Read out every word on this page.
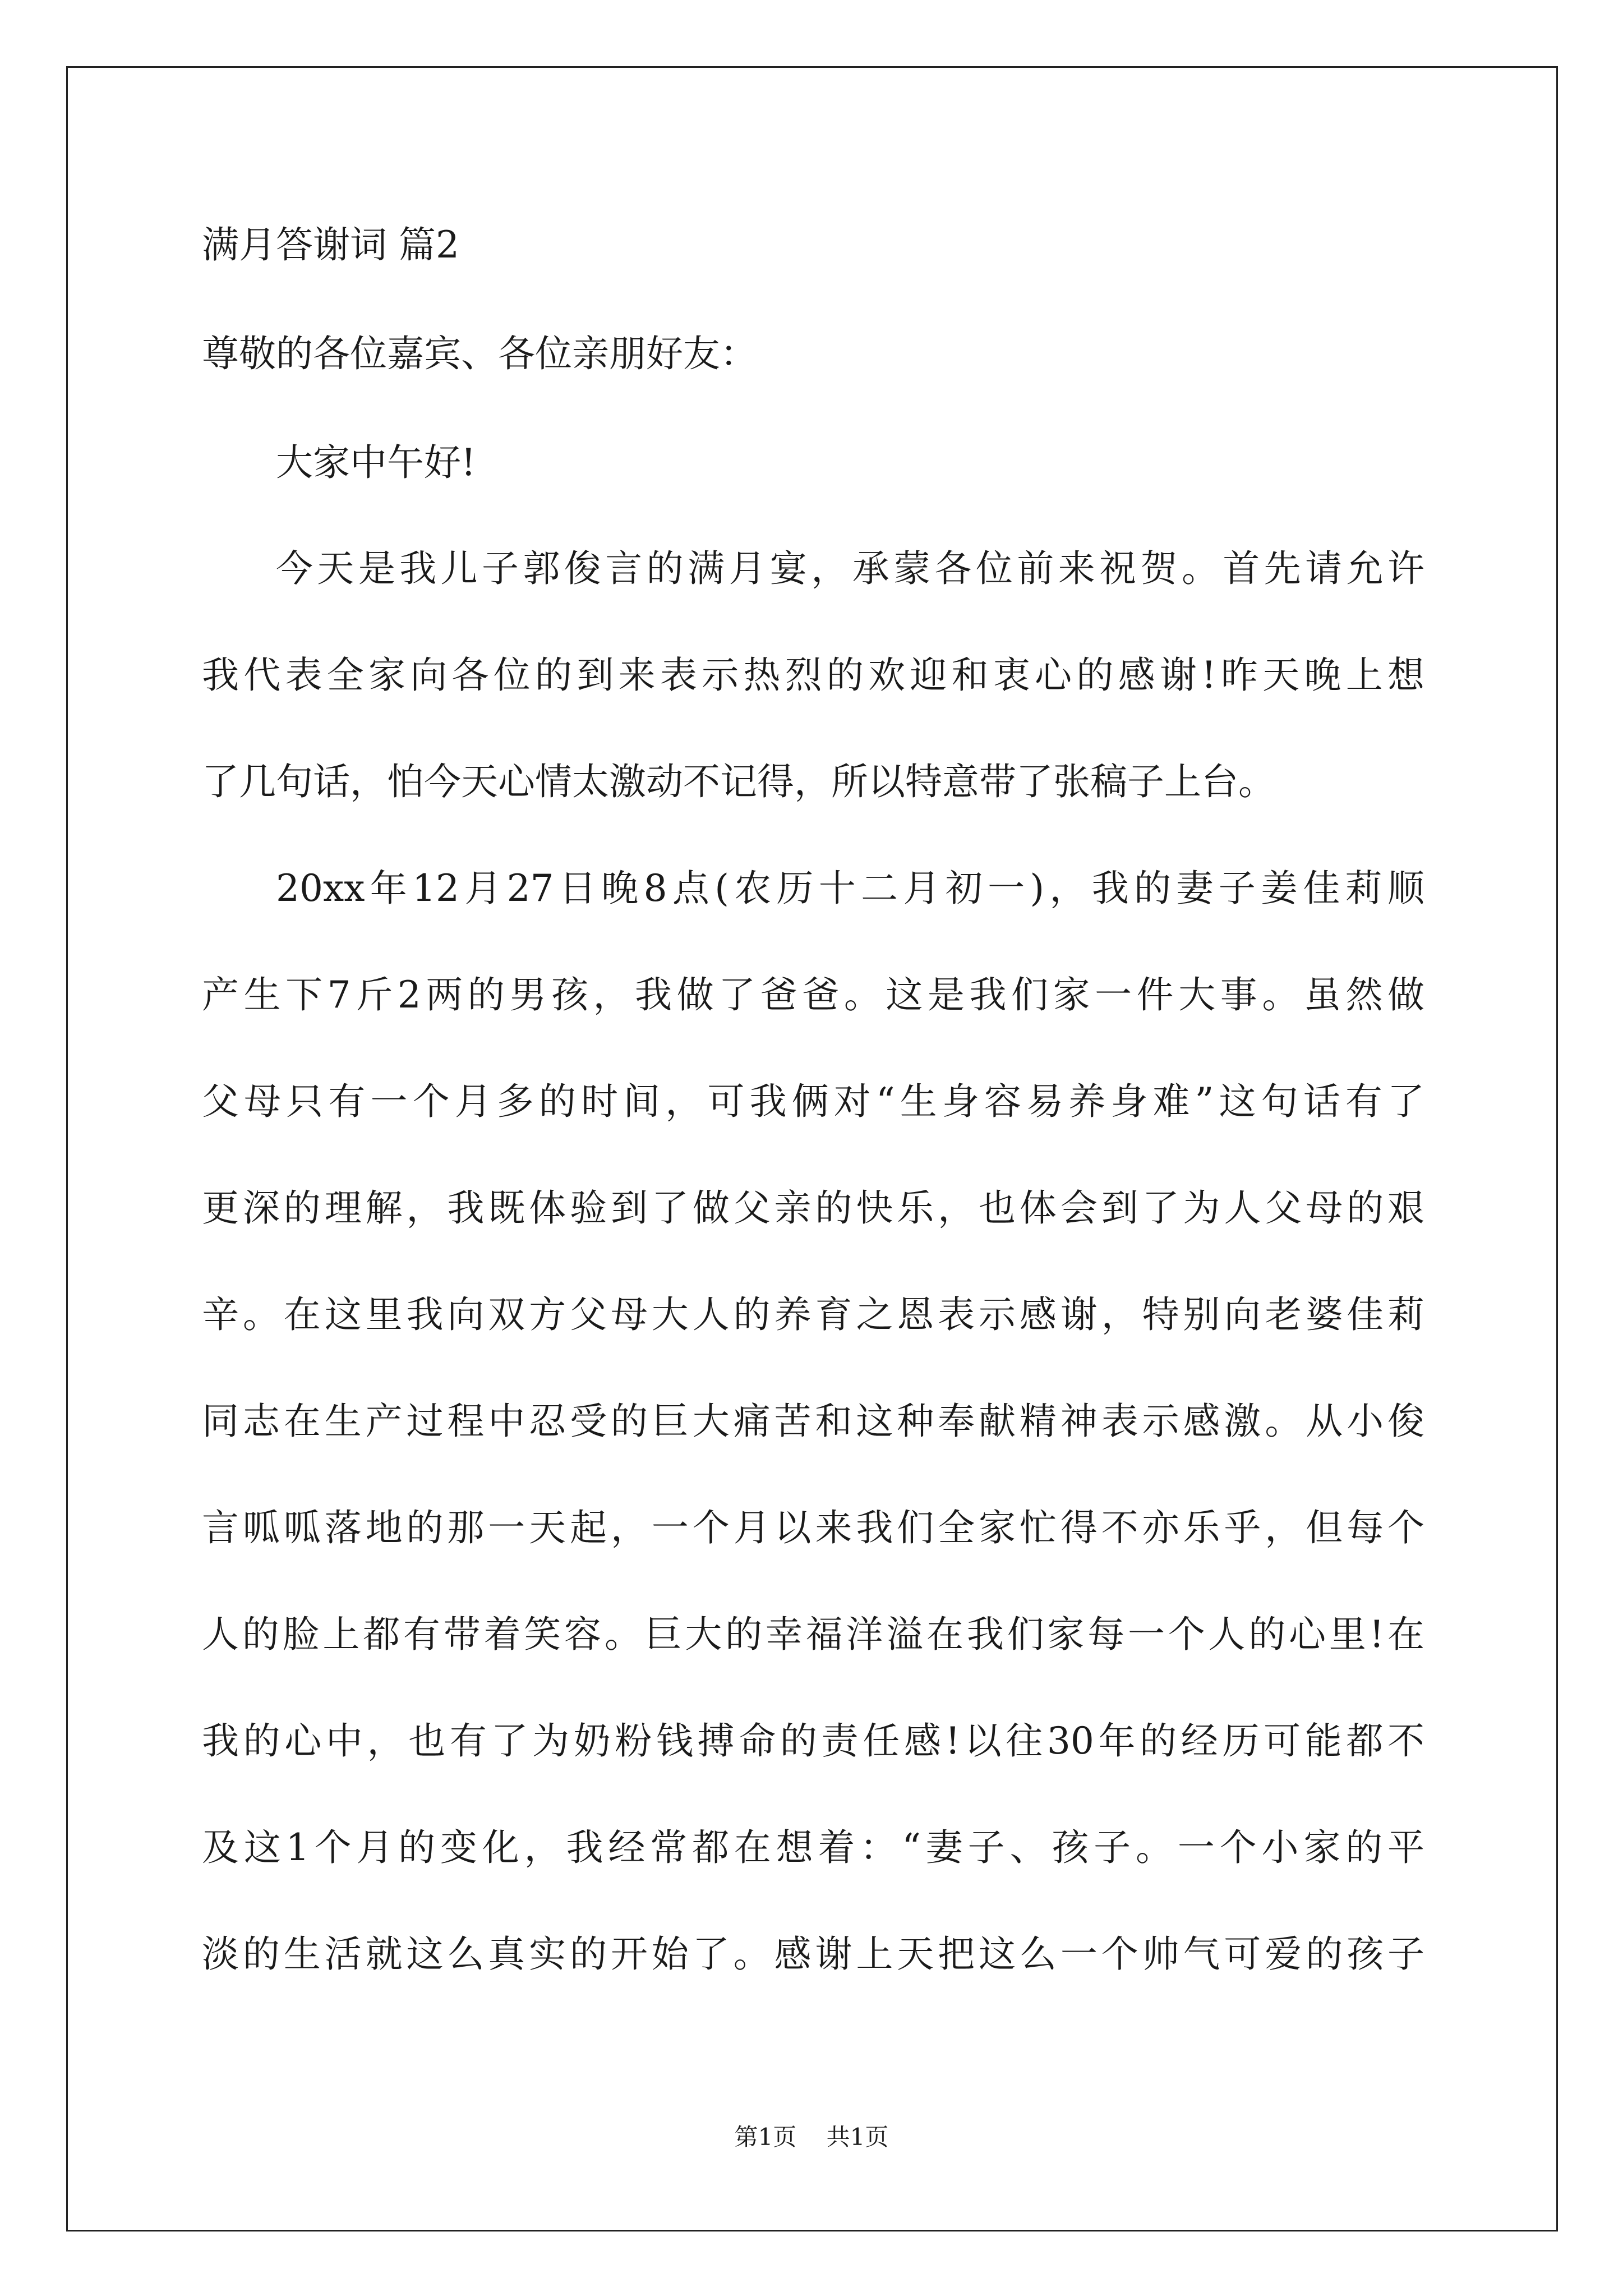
满月答谢词 篇2

尊敬的各位嘉宾、各位亲朋好友：

大家中午好!

今天是我儿子郭俊言的满月宴，承蒙各位前来祝贺。首先请允许

我代表全家向各位的到来表示热烈的欢迎和衷心的感谢!昨天晚上想

了几句话，怕今天心情太激动不记得，所以特意带了张稿子上台。

20xx年12月27日晚8点(农历十二月初一)，我的妻子姜佳莉顺

产生下7斤2两的男孩，我做了爸爸。这是我们家一件大事。虽然做

父母只有一个月多的时间，可我俩对“生身容易养身难”这句话有了

更深的理解，我既体验到了做父亲的快乐，也体会到了为人父母的艰

辛。在这里我向双方父母大人的养育之恩表示感谢，特别向老婆佳莉

同志在生产过程中忍受的巨大痛苦和这种奉献精神表示感激。从小俊

言呱呱落地的那一天起，一个月以来我们全家忙得不亦乐乎，但每个

人的脸上都有带着笑容。巨大的幸福洋溢在我们家每一个人的心里!在

我的心中，也有了为奶粉钱搏命的责任感!以往30年的经历可能都不

及这1个月的变化，我经常都在想着：“妻子、孩子。一个小家的平

淡的生活就这么真实的开始了。感谢上天把这么一个帅气可爱的孩子

第1页 共1页
